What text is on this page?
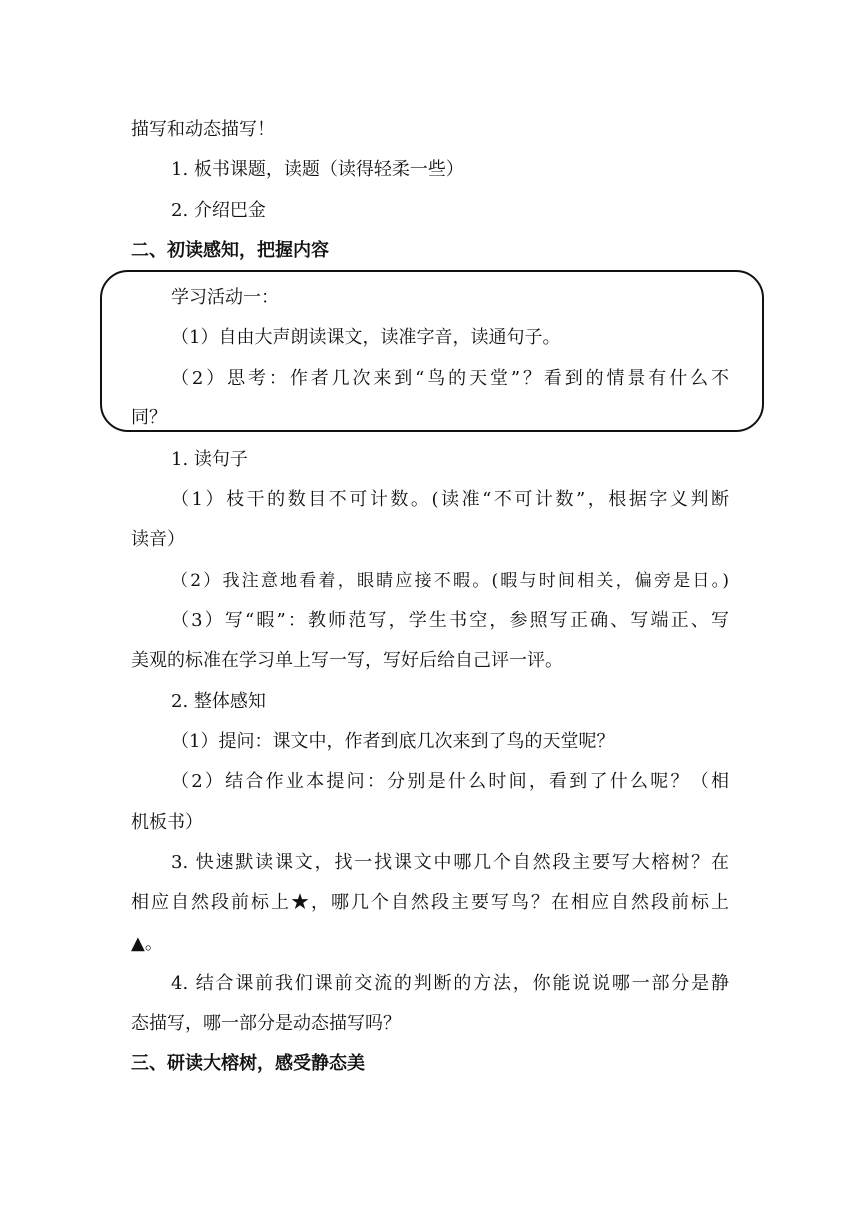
描写和动态描写！
1. 板书课题，读题（读得轻柔一些）
2. 介绍巴金
二、初读感知，把握内容
学习活动一：
（1）自由大声朗读课文，读准字音，读通句子。
（2）思考：作者几次来到“鸟的天堂”？看到的情景有什么不
同？
1. 读句子
（1）枝干的数目不可计数。(读准“不可计数”，根据字义判断
读音）
（2）我注意地看着，眼睛应接不暇。(暇与时间相关，偏旁是日。)
（3）写“暇”：教师范写，学生书空，参照写正确、写端正、写
美观的标准在学习单上写一写，写好后给自己评一评。
2. 整体感知
（1）提问：课文中，作者到底几次来到了鸟的天堂呢？
（2）结合作业本提问：分别是什么时间，看到了什么呢？（相
机板书）
3. 快速默读课文，找一找课文中哪几个自然段主要写大榕树？在
相应自然段前标上★，哪几个自然段主要写鸟？在相应自然段前标上
▲。
4. 结合课前我们课前交流的判断的方法，你能说说哪一部分是静
态描写，哪一部分是动态描写吗？
三、研读大榕树，感受静态美
